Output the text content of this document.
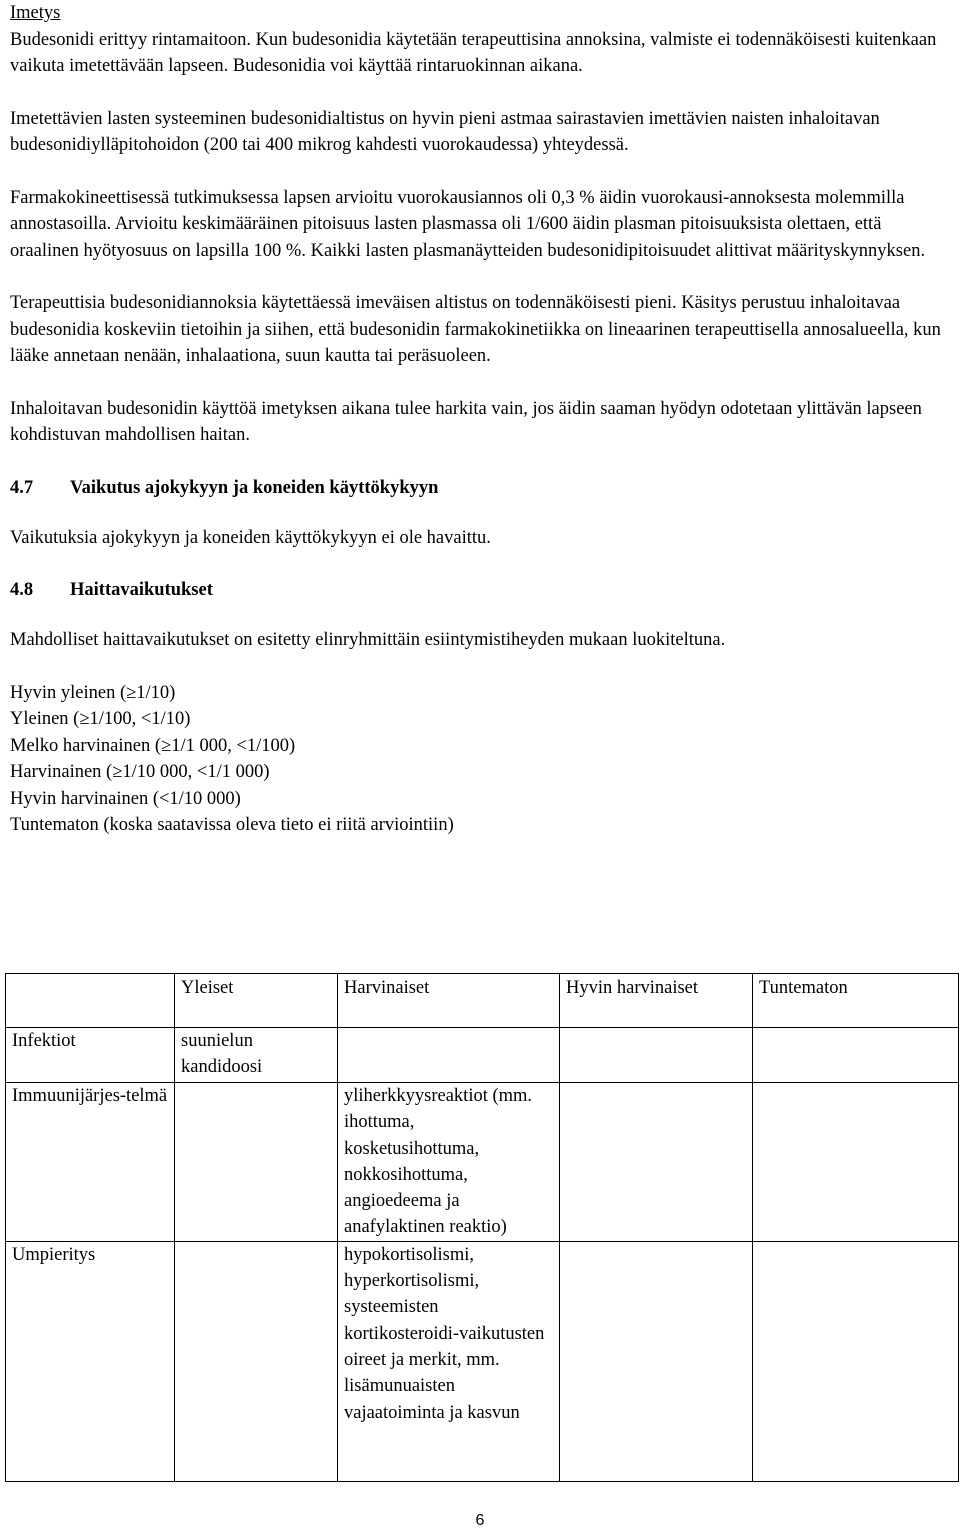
Imetys

Budesonidi erittyy rintamaitoon. Kun budesonidia käytetään terapeuttisina annoksina, valmiste ei todennäköisesti kuitenkaan vaikuta imetettävään lapseen. Budesonidia voi käyttää rintaruokinnan aikana.

Imetettävien lasten systeeminen budesonidialtistus on hyvin pieni astmaa sairastavien imettävien naisten inhaloitavan budesonidiylläpitohoidon (200 tai 400 mikrog kahdesti vuorokaudessa) yhteydessä.

Farmakokineettisessä tutkimuksessa lapsen arvioitu vuorokausiannos oli 0,3 % äidin vuorokausi-annoksesta molemmilla annostasoilla. Arvioitu keskimääräinen pitoisuus lasten plasmassa oli 1/600 äidin plasman pitoisuuksista olettaen, että oraalinen hyötyosuus on lapsilla 100 %. Kaikki lasten plasmanäytteiden budesonidipitoisuudet alittivat määrityskynnyksen.

Terapeuttisia budesonidiannoksia käytettäessä imeväisen altistus on todennäköisesti pieni. Käsitys perustuu inhaloitavaa budesonidia koskeviin tietoihin ja siihen, että budesonidin farmakokinetiikka on lineaarinen terapeuttisella annosalueella, kun lääke annetaan nenään, inhalaationa, suun kautta tai peräsuoleen.

Inhaloitavan budesonidin käyttöä imetyksen aikana tulee harkita vain, jos äidin saaman hyödyn odotetaan ylittävän lapseen kohdistuvan mahdollisen haitan.

4.7 Vaikutus ajokykyyn ja koneiden käyttökykyyn

Vaikutuksia ajokykyyn ja koneiden käyttökykyyn ei ole havaittu.

4.8 Haittavaikutukset

Mahdolliset haittavaikutukset on esitetty elinryhmittäin esiintymistiheyden mukaan luokiteltuna.

Hyvin yleinen (≥1/10)

Yleinen (≥1/100, <1/10)

Melko harvinainen (≥1/1 000, <1/100)

Harvinainen (≥1/10 000, <1/1 000)

Hyvin harvinainen (<1/10 000)

Tuntematon (koska saatavissa oleva tieto ei riitä arviointiin)

	Yleiset	Harvinaiset	Hyvin harvinaiset	Tuntematon
Infektiot	suunielun kandidoosi			
Immuunijärjes-telmä		yliherkkyysreaktiot (mm. ihottuma, kosketusihottuma, nokkosihottuma, angioedeema ja anafylaktinen reaktio)		
Umpieritys		hypokortisolismi, hyperkortisolismi, systeemisten kortikosteroidi-vaikutusten oireet ja merkit, mm. lisämunuaisten vajaatoiminta ja kasvun		
6
